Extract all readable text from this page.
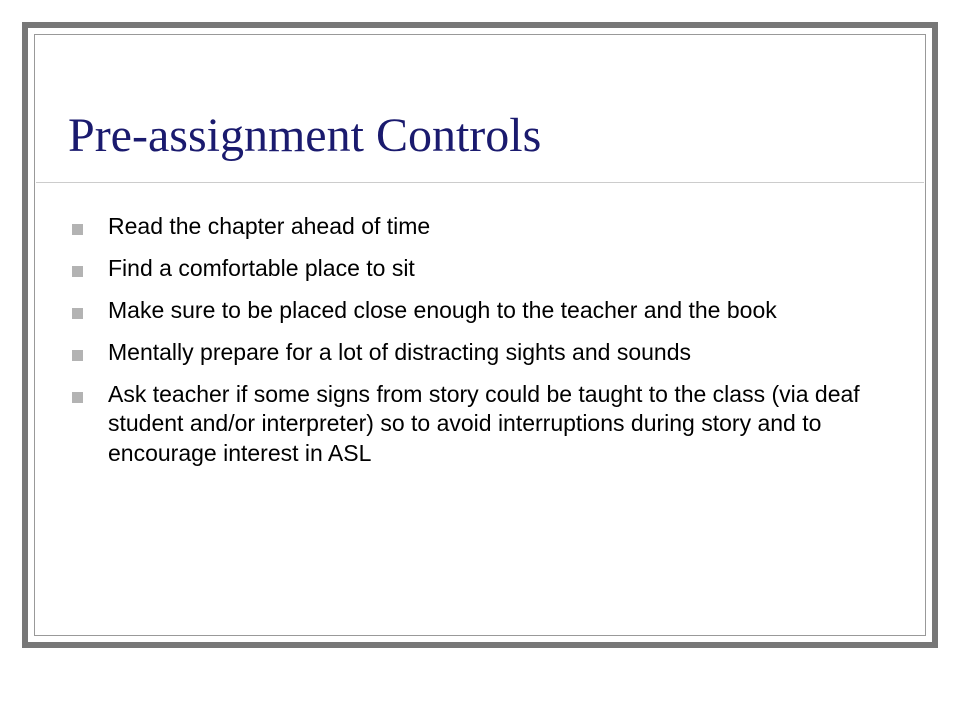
Pre-assignment Controls
Read the chapter ahead of time
Find a comfortable place to sit
Make sure to be placed close enough to the teacher and the book
Mentally prepare for a lot of distracting sights and sounds
Ask teacher if some signs from story could be taught to the class (via deaf student and/or interpreter) so to avoid interruptions during story and to encourage interest in ASL
